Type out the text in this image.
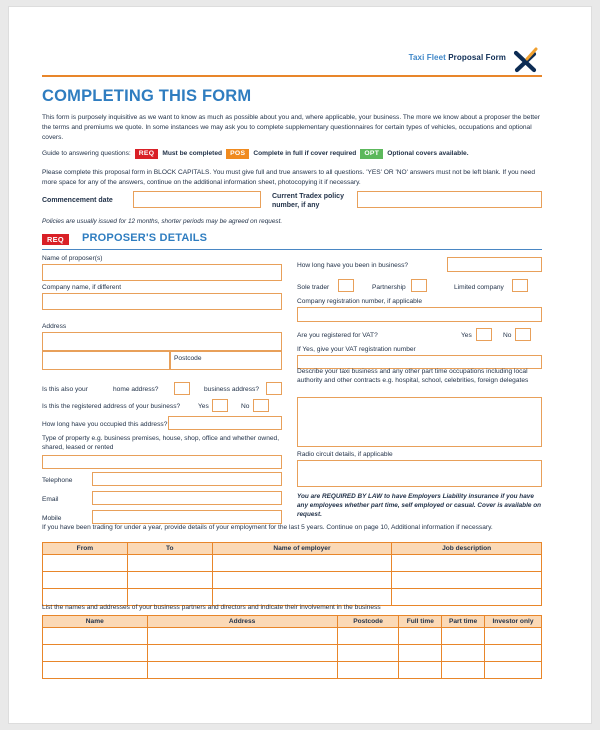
Taxi Fleet Proposal Form
COMPLETING THIS FORM
This form is purposely inquisitive as we want to know as much as possible about you and, where applicable, your business. The more we know about a proposer the better the terms and premiums we quote. In some instances we may ask you to complete supplementary questionnaires for certain types of vehicles, occupations and optional covers.
Guide to answering questions:	REQ	Must be completed	POS	Complete in full if cover required	OPT	Optional covers available.
Please complete this proposal form in BLOCK CAPITALS. You must give full and true answers to all questions. 'YES' OR 'NO' answers must not be left blank. If you need more space for any of the answers, continue on the additional information sheet, photocopying it if necessary.
Commencement date
Current Tradex policy number, if any
Policies are usually issued for 12 months, shorter periods may be agreed on request.
REQ	PROPOSER'S DETAILS
Name of proposer(s)
Company name, if different
Address
Postcode
Is this also your	home address?	business address?
Is this the registered address of your business?	Yes	No
How long have you occupied this address?
Type of property e.g. business premises, house, shop, office and whether owned, shared, leased or rented
Telephone
Email
Mobile
How long have you been in business?
Sole trader	Partnership	Limited company
Company registration number, if applicable
Are you registered for VAT?	Yes	No
If Yes, give your VAT registration number
Describe your taxi business and any other part time occupations including local authority and other contracts e.g. hospital, school, celebrities, foreign delegates
Radio circuit details, if applicable
You are REQUIRED BY LAW to have Employers Liability insurance if you have any employees whether part time, self employed or casual. Cover is available on request.
If you have been trading for under a year, provide details of your employment for the last 5 years. Continue on page 10, Additional information if necessary.
From	To	Name of employer	Job description

List the names and addresses of your business partners and directors and indicate their involvement in the business
Name	Address	Postcode	Full time	Part time	Investor only
